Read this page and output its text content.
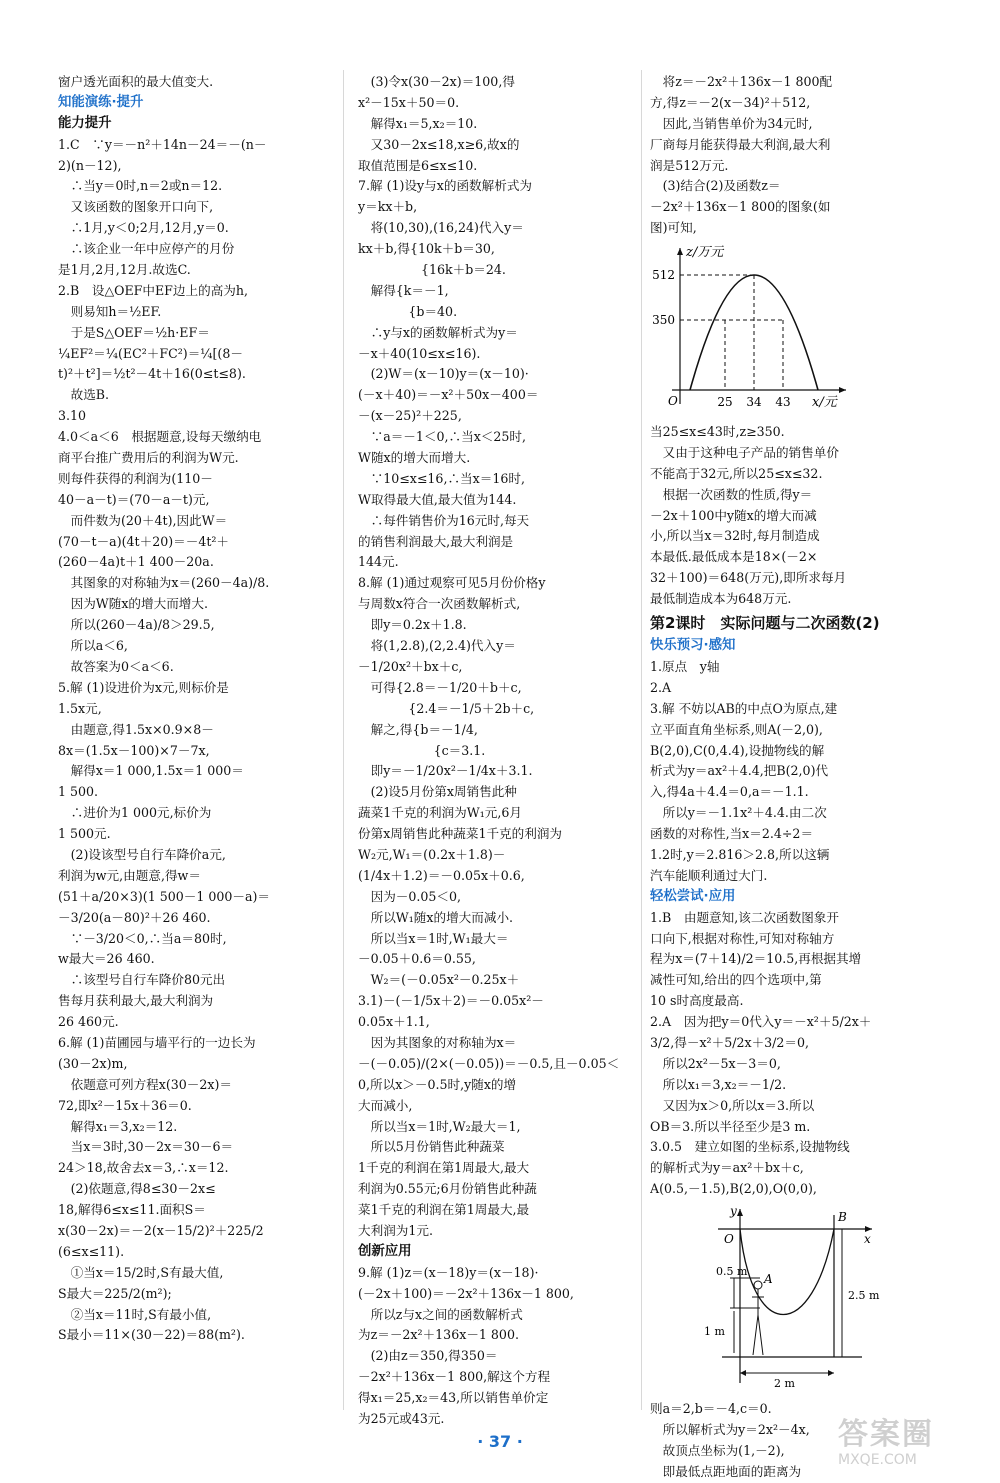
窗户透光面积的最大值变大.
知能演练·提升
能力提升
1.C　∵y＝－n²＋14n－24＝－(n－
2)(n－12),
　∴当y＝0时,n＝2或n＝12.
　又该函数的图象开口向下,
　∴1月,y＜0;2月,12月,y＝0.
　∴该企业一年中应停产的月份
是1月,2月,12月.故选C.
2.B　设△OEF中EF边上的高为h,
　则易知h＝½EF.
　于是S△OEF＝½h·EF＝
¼EF²＝¼(EC²＋FC²)＝¼[(8－
t)²＋t²]＝½t²－4t＋16(0≤t≤8).
　故选B.
3.10
4.0＜a＜6　根据题意,设每天缴纳电
商平台推广费用后的利润为W元.
则每件获得的利润为(110－
40－a－t)＝(70－a－t)元,
　而件数为(20＋4t),因此W＝
(70－t－a)(4t＋20)＝－4t²＋
(260－4a)t＋1 400－20a.
　其图象的对称轴为x＝(260－4a)/8.
　因为W随x的增大而增大.
　所以(260－4a)/8＞29.5,
　所以a＜6,
　故答案为0＜a＜6.
5.解 (1)设进价为x元,则标价是
1.5x元,
　由题意,得1.5x×0.9×8－
8x＝(1.5x－100)×7－7x,
　解得x＝1 000,1.5x＝1 000＝
1 500.
　∴进价为1 000元,标价为
1 500元.
　(2)设该型号自行车降价a元,
利润为w元,由题意,得w＝
(51＋a/20×3)(1 500－1 000－a)＝
－3/20(a－80)²＋26 460.
　∵－3/20＜0,∴当a＝80时,
w最大＝26 460.
　∴该型号自行车降价80元出
售每月获利最大,最大利润为
26 460元.
6.解 (1)苗圃园与墙平行的一边长为
(30－2x)m,
　依题意可列方程x(30－2x)＝
72,即x²－15x＋36＝0.
　解得x₁＝3,x₂＝12.
　当x＝3时,30－2x＝30－6＝
24＞18,故舍去x＝3,∴x＝12.
　(2)依题意,得8≤30－2x≤
18,解得6≤x≤11.面积S＝
x(30－2x)＝－2(x－15/2)²＋225/2
(6≤x≤11).
　①当x＝15/2时,S有最大值,
S最大＝225/2(m²);
　②当x＝11时,S有最小值,
S最小＝11×(30－22)＝88(m²).
　(3)令x(30－2x)＝100,得
x²－15x＋50＝0.
　解得x₁＝5,x₂＝10.
　又30－2x≤18,x≥6,故x的
取值范围是6≤x≤10.
7.解 (1)设y与x的函数解析式为
y＝kx＋b,
　将(10,30),(16,24)代入y＝
kx＋b,得{10k＋b＝30,
　　　　　{16k＋b＝24.
　解得{k＝－1,
　　　　{b＝40.
　∴y与x的函数解析式为y＝
－x＋40(10≤x≤16).
　(2)W＝(x－10)y＝(x－10)·
(－x＋40)＝－x²＋50x－400＝
－(x－25)²＋225,
　∵a＝－1＜0,∴当x＜25时,
W随x的增大而增大.
　∵10≤x≤16,∴当x＝16时,
W取得最大值,最大值为144.
　∴每件销售价为16元时,每天
的销售利润最大,最大利润是
144元.
8.解 (1)通过观察可见5月份价格y
与周数x符合一次函数解析式,
　即y＝0.2x＋1.8.
　将(1,2.8),(2,2.4)代入y＝
－1/20x²＋bx＋c,
　可得{2.8＝－1/20＋b＋c,
　　　　{2.4＝－1/5＋2b＋c,
　解之,得{b＝－1/4,
　　　　　　{c＝3.1.
　即y＝－1/20x²－1/4x＋3.1.
　(2)设5月份第x周销售此种
蔬菜1千克的利润为W₁元,6月
份第x周销售此种蔬菜1千克的利润为
W₂元,W₁＝(0.2x＋1.8)－
(1/4x＋1.2)＝－0.05x＋0.6,
　因为－0.05＜0,
　所以W₁随x的增大而减小.
　所以当x＝1时,W₁最大＝
－0.05＋0.6＝0.55,
　W₂＝(－0.05x²－0.25x＋
3.1)－(－1/5x＋2)＝－0.05x²－
0.05x＋1.1,
　因为其图象的对称轴为x＝
－(－0.05)/(2×(－0.05))＝－0.5,且－0.05＜
0,所以x＞－0.5时,y随x的增
大而减小,
　所以当x＝1时,W₂最大＝1,
　所以5月份销售此种蔬菜
1千克的利润在第1周最大,最大
利润为0.55元;6月份销售此种蔬
菜1千克的利润在第1周最大,最
大利润为1元.
创新应用
9.解 (1)z＝(x－18)y＝(x－18)·
(－2x＋100)＝－2x²＋136x－1 800,
　所以z与x之间的函数解析式
为z＝－2x²＋136x－1 800.
　(2)由z＝350,得350＝
－2x²＋136x－1 800,解这个方程
得x₁＝25,x₂＝43,所以销售单价定
为25元或43元.
　将z＝－2x²＋136x－1 800配
方,得z＝－2(x－34)²＋512,
　因此,当销售单价为34元时,
厂商每月能获得最大利润,最大利
润是512万元.
　(3)结合(2)及函数z＝
－2x²＋136x－1 800的图象(如
图)可知,
z/万元
512
350
O	25 34 43 x/元
当25≤x≤43时,z≥350.
　又由于这种电子产品的销售单价
不能高于32元,所以25≤x≤32.
　根据一次函数的性质,得y＝
－2x＋100中y随x的增大而减
小,所以当x＝32时,每月制造成
本最低.最低成本是18×(－2×
32＋100)＝648(万元),即所求每月
最低制造成本为648万元.
第2课时　实际问题与二次函数(2)
快乐预习·感知
1.原点　y轴
2.A
3.解 不妨以AB的中点O为原点,建
立平面直角坐标系,则A(－2,0),
B(2,0),C(0,4.4),设抛物线的解
析式为y＝ax²＋4.4,把B(2,0)代
入,得4a＋4.4＝0,a＝－1.1.
　所以y＝－1.1x²＋4.4.由二次
函数的对称性,当x＝2.4÷2＝
1.2时,y＝2.816＞2.8,所以这辆
汽车能顺利通过大门.
轻松尝试·应用
1.B　由题意知,该二次函数图象开
口向下,根据对称性,可知对称轴方
程为x＝(7＋14)/2＝10.5,再根据其增
减性可知,给出的四个选项中,第
10 s时高度最高.
2.A　因为把y＝0代入y＝－x²＋5/2x＋
3/2,得－x²＋5/2x＋3/2＝0,
　所以2x²－5x－3＝0,
　所以x₁＝3,x₂＝－1/2.
　又因为x＞0,所以x＝3.所以
OB＝3.所以半径至少是3 m.
3.0.5　建立如图的坐标系,设抛物线
的解析式为y＝ax²＋bx＋c,
A(0.5,－1.5),B(2,0),O(0,0),
y
O
B
x
A
0.5 m
1 m
2.5 m
2 m
则a＝2,b＝－4,c＝0.
　所以解析式为y＝2x²－4x,
　故顶点坐标为(1,－2),
　即最低点距地面的距离为
· 37 ·	答案圈
MXQE.COM
